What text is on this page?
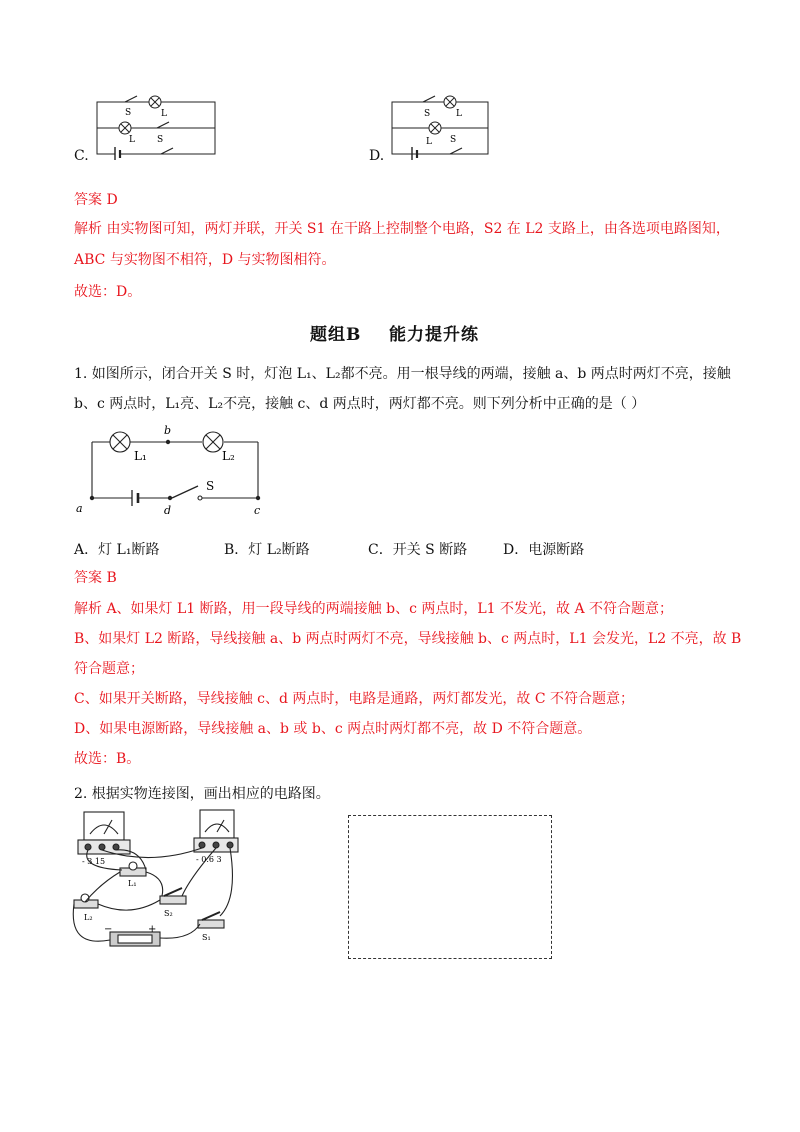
S	L
L S
C.
S	L
L S
D.
答案 D
解析 由实物图可知，两灯并联，开关 S1 在干路上控制整个电路，S2 在 L2 支路上，由各选项电路图知，
ABC 与实物图不相符，D 与实物图相符。
故选：D。
题组B    能力提升练
1. 如图所示，闭合开关 S 时，灯泡 L₁、L₂都不亮。用一根导线的两端，接触 a、b 两点时两灯不亮，接触
b、c 两点时，L₁亮、L₂不亮，接触 c、d 两点时，两灯都不亮。则下列分析中正确的是（ ）
b
L₁	L₂
S
a	d	c
A．灯 L₁断路	B．灯 L₂断路	C．开关 S 断路	D．电源断路
答案 B
解析 A、如果灯 L1 断路，用一段导线的两端接触 b、c 两点时，L1 不发光，故 A 不符合题意；
B、如果灯 L2 断路，导线接触 a、b 两点时两灯不亮，导线接触 b、c 两点时，L1 会发光，L2 不亮，故 B
符合题意；
C、如果开关断路，导线接触 c、d 两点时，电路是通路，两灯都发光，故 C 不符合题意；
D、如果电源断路，导线接触 a、b 或 b、c 两点时两灯都不亮，故 D 不符合题意。
故选：B。
2. 根据实物连接图，画出相应的电路图。
- 3 15	- 0.6 3
L₁
L₂	S₂
S₁
−	+
